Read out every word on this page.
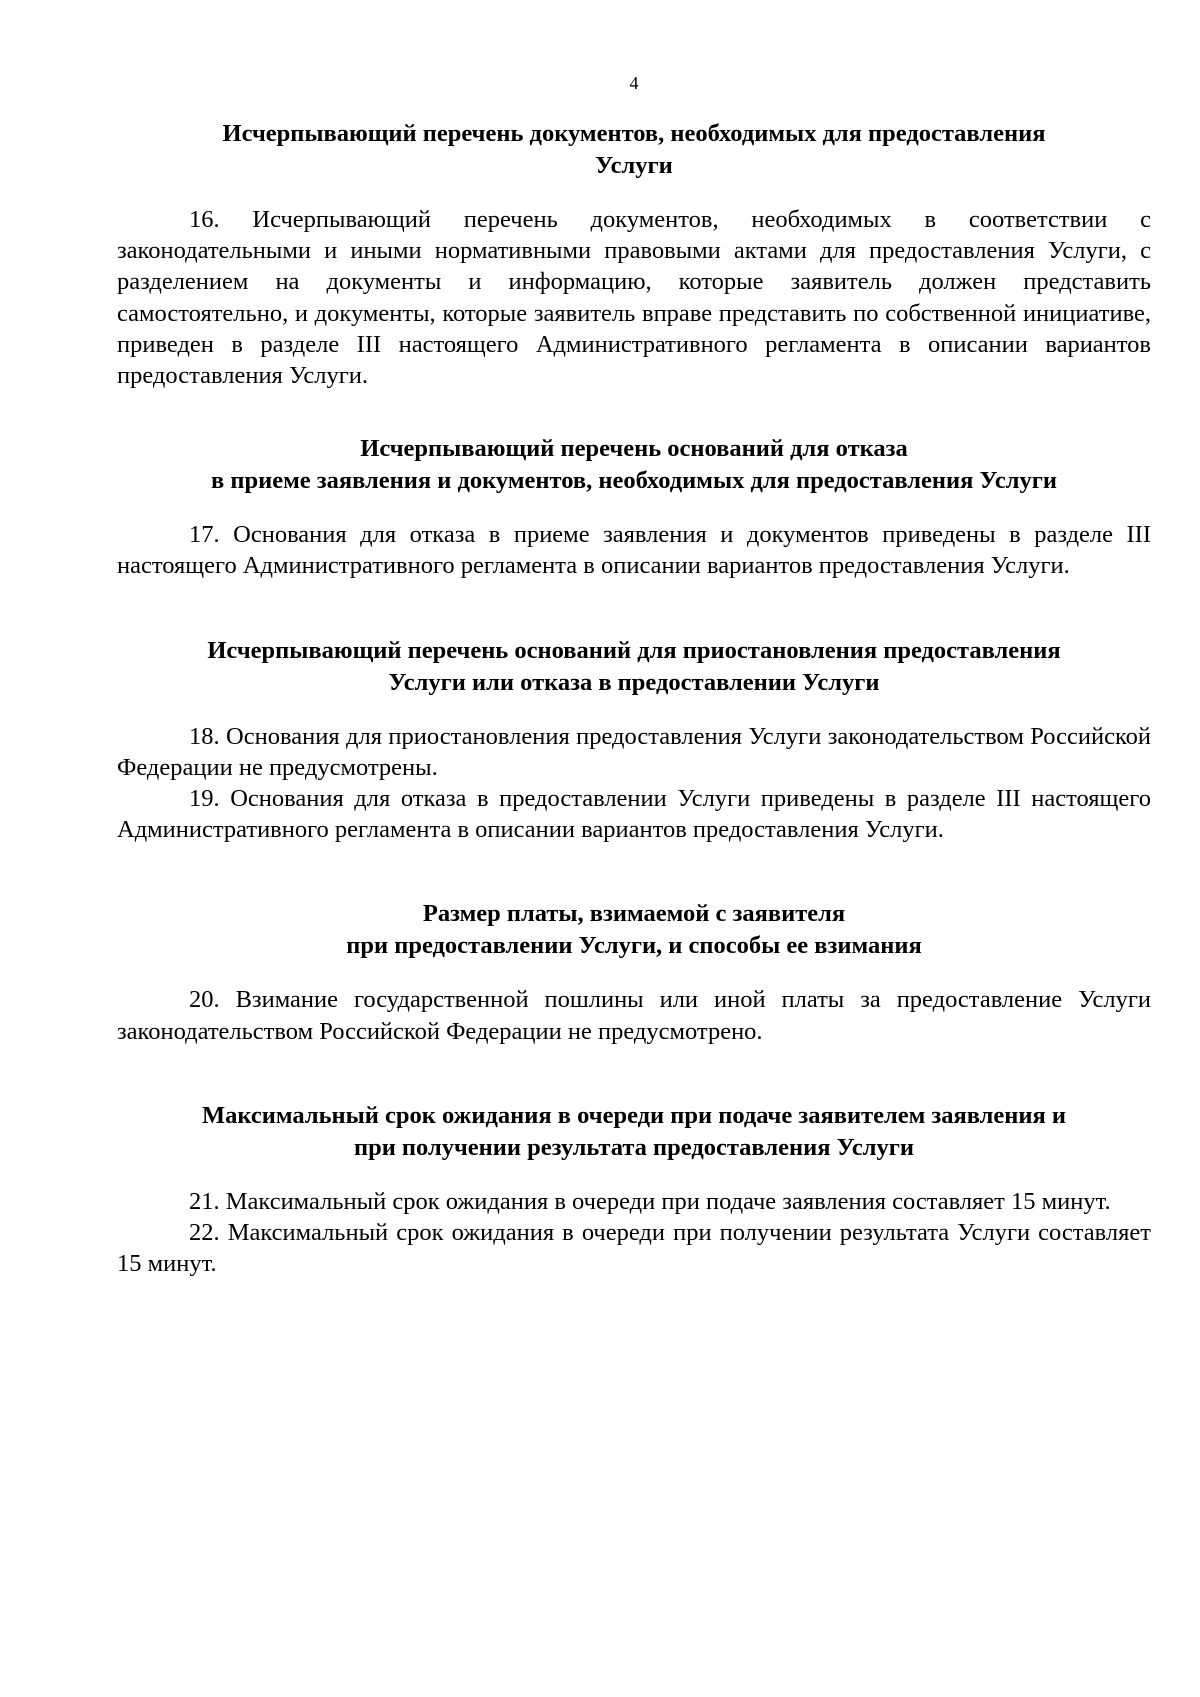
4
Исчерпывающий перечень документов, необходимых для предоставления
Услуги

16. Исчерпывающий перечень документов, необходимых в соответствии с законодательными и иными нормативными правовыми актами для предоставления Услуги, с разделением на документы и информацию, которые заявитель должен представить самостоятельно, и документы, которые заявитель вправе представить по собственной инициативе, приведен в разделе III настоящего Административного регламента в описании вариантов предоставления Услуги.

Исчерпывающий перечень оснований для отказа
в приеме заявления и документов, необходимых для предоставления Услуги

17. Основания для отказа в приеме заявления и документов приведены в разделе III настоящего Административного регламента в описании вариантов предоставления Услуги.

Исчерпывающий перечень оснований для приостановления предоставления
Услуги или отказа в предоставлении Услуги

18. Основания для приостановления предоставления Услуги законодательством Российской Федерации не предусмотрены.

19. Основания для отказа в предоставлении Услуги приведены в разделе III настоящего Административного регламента в описании вариантов предоставления Услуги.

Размер платы, взимаемой с заявителя
при предоставлении Услуги, и способы ее взимания

20. Взимание государственной пошлины или иной платы за предоставление Услуги законодательством Российской Федерации не предусмотрено.

Максимальный срок ожидания в очереди при подаче заявителем заявления и
при получении результата предоставления Услуги

21. Максимальный срок ожидания в очереди при подаче заявления составляет 15 минут.

22. Максимальный срок ожидания в очереди при получении результата Услуги составляет 15 минут.
